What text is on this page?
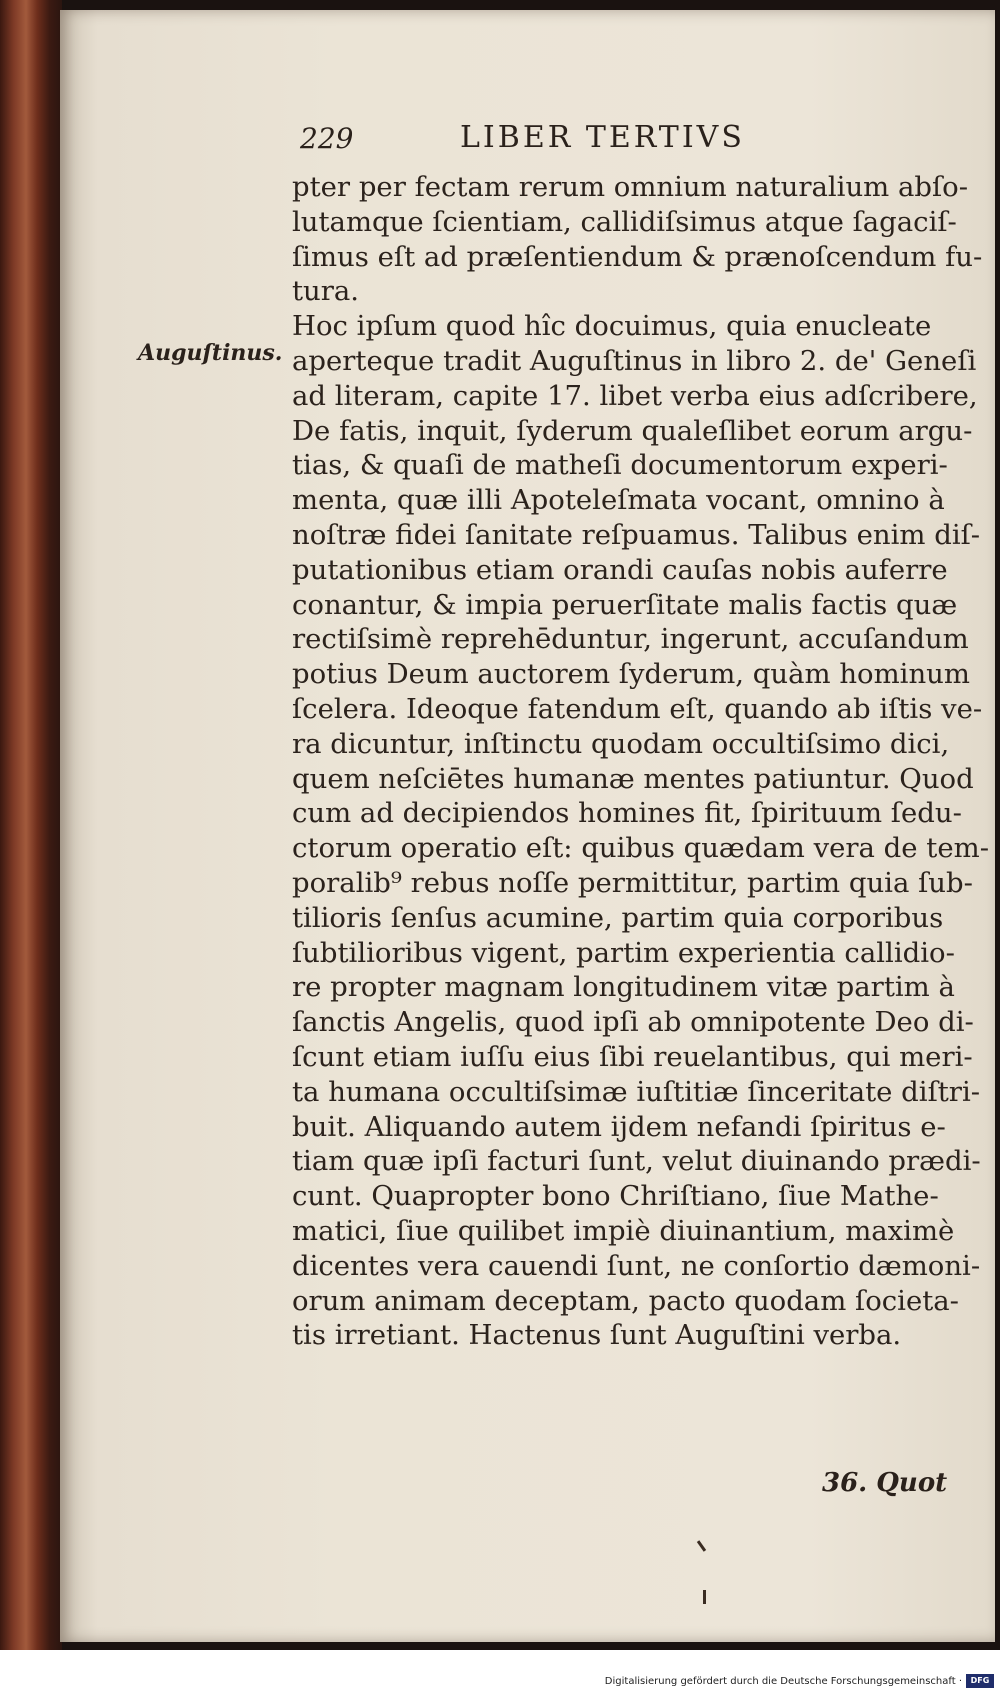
229	LIBER TERTIVS
Auguſtinus.
pter per fectam rerum omnium naturalium abſo-
lutamque ſcientiam, callidiſsimus atque ſagaciſ-
ſimus eſt ad præſentiendum & prænoſcendum fu-
tura.
Hoc ipſum quod hîc docuimus, quia enucleate
aperteque tradit Auguſtinus in libro 2. de' Geneſi
ad literam, capite 17. libet verba eius adſcribere,
De fatis, inquit, ſyderum qualeſlibet eorum argu-
tias, & quaſi de matheſi documentorum experi-
menta, quæ illi Apoteleſmata vocant, omnino à
noſtræ fidei ſanitate reſpuamus. Talibus enim diſ-
putationibus etiam orandi cauſas nobis auferre
conantur, & impia peruerſitate malis factis quæ
rectiſsimè reprehēduntur, ingerunt, accuſandum
potius Deum auctorem ſyderum, quàm hominum
ſcelera. Ideoque fatendum eſt, quando ab iſtis ve-
ra dicuntur, inſtinctu quodam occultiſsimo dici,
quem neſciētes humanæ mentes patiuntur. Quod
cum ad decipiendos homines fit, ſpirituum ſedu-
ctorum operatio eſt: quibus quædam vera de tem-
poralib⁹ rebus noſſe permittitur, partim quia ſub-
tilioris ſenſus acumine, partim quia corporibus
ſubtilioribus vigent, partim experientia callidio-
re propter magnam longitudinem vitæ partim à
ſanctis Angelis, quod ipſi ab omnipotente Deo di-
ſcunt etiam iuſſu eius ſibi reuelantibus, qui meri-
ta humana occultiſsimæ iuſtitiæ ſinceritate diſtri-
buit. Aliquando autem ijdem nefandi ſpiritus e-
tiam quæ ipſi facturi ſunt, velut diuinando prædi-
cunt. Quapropter bono Chriſtiano, ſiue Mathe-
matici, ſiue quilibet impiè diuinantium, maximè
dicentes vera cauendi ſunt, ne conſortio dæmoni-
orum animam deceptam, pacto quodam ſocieta-
tis irretiant. Hactenus ſunt Auguſtini verba.
36. Quot
Digitalisierung gefördert durch die Deutsche Forschungsgemeinschaft ·	DFG
